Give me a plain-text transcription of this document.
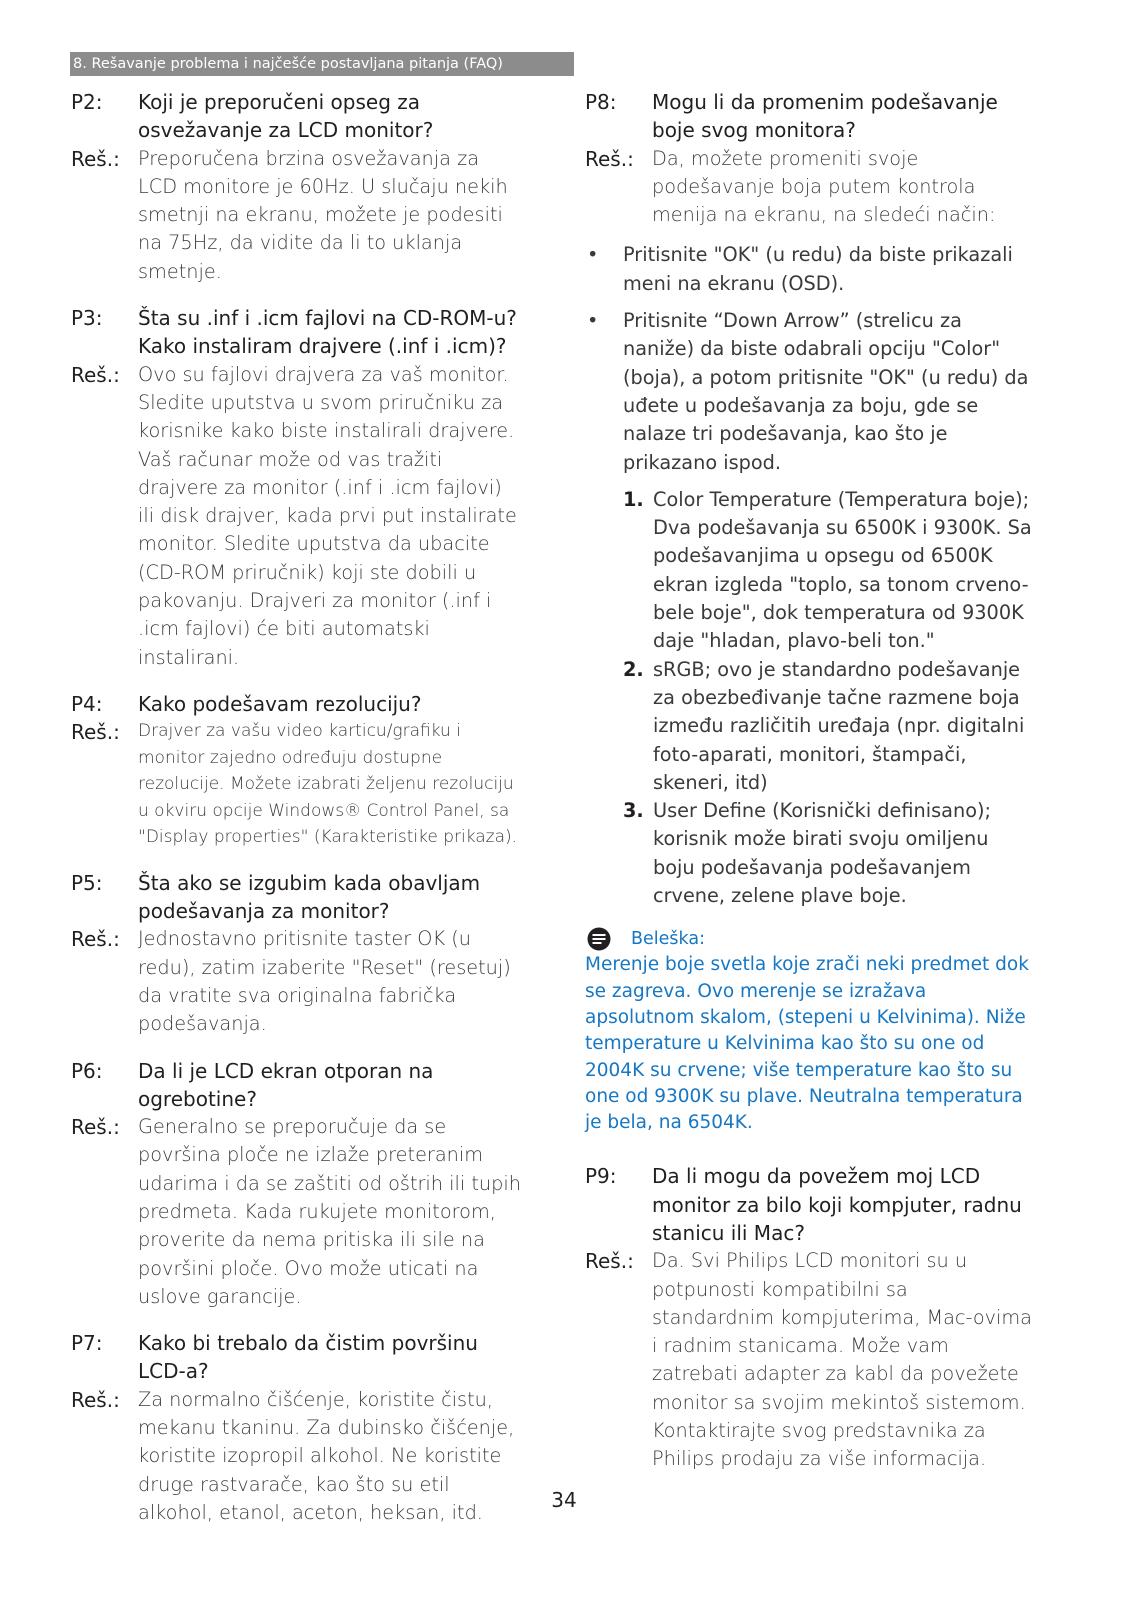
8. Rešavanje problema i najčešće postavljana pitanja (FAQ)
P2:	Koji je preporučeni opseg za osvežavanje za LCD monitor?
Reš.: Preporučena brzina osvežavanja za LCD monitore je 60Hz. U slučaju nekih smetnji na ekranu, možete je podesiti na 75Hz, da vidite da li to uklanja smetnje.
P3:	Šta su .inf i .icm fajlovi na CD-ROM-u? Kako instaliram drajvere (.inf i .icm)?
Reš.: Ovo su fajlovi drajvera za vaš monitor. Sledite uputstva u svom priručniku za korisnike kako biste instalirali drajvere. Vaš računar može od vas tražiti drajvere za monitor (.inf i .icm fajlovi) ili disk drajver, kada prvi put instalirate monitor. Sledite uputstva da ubacite (CD-ROM priručnik) koji ste dobili u pakovanju. Drajveri za monitor (.inf i .icm fajlovi) će biti automatski instalirani.
P4:	Kako podešavam rezoluciju?
Reš.:	Drajver za vašu video karticu/grafiku i monitor zajedno određuju dostupne rezolucije. Možete izabrati željenu rezoluciju u okviru opcije Windows® Control Panel, sa "Display properties" (Karakteristike prikaza).
P5:	Šta ako se izgubim kada obavljam podešavanja za monitor?
Reš.: Jednostavno pritisnite taster OK (u redu), zatim izaberite "Reset" (resetuj) da vratite sva originalna fabrička podešavanja.
P6:	Da li je LCD ekran otporan na ogrebotine?
Reš.: Generalno se preporučuje da se površina ploče ne izlaže preteranim udarima i da se zaštiti od oštrih ili tupih predmeta. Kada rukujete monitorom, proverite da nema pritiska ili sile na površini ploče. Ovo može uticati na uslove garancije.
P7:	Kako bi trebalo da čistim površinu LCD-a?
Reš.: Za normalno čišćenje, koristite čistu, mekanu tkaninu. Za dubinsko čišćenje, koristite izopropil alkohol. Ne koristite druge rastvarače, kao što su etil alkohol, etanol, aceton, heksan, itd.
P8:	Mogu li da promenim podešavanje boje svog monitora?
Reš.: Da, možete promeniti svoje podešavanje boja putem kontrola menija na ekranu, na sledeći način:
•	Pritisnite "OK" (u redu) da biste prikazali meni na ekranu (OSD).
•	Pritisnite “Down Arrow” (strelicu za naniže) da biste odabrali opciju "Color" (boja), a potom pritisnite "OK" (u redu) da uđete u podešavanja za boju, gde se nalaze tri podešavanja, kao što je prikazano ispod.
1. Color Temperature (Temperatura boje); Dva podešavanja su 6500K i 9300K. Sa podešavanjima u opsegu od 6500K ekran izgleda "toplo, sa tonom crveno-bele boje", dok temperatura od 9300K daje "hladan, plavo-beli ton."
2. sRGB; ovo je standardno podešavanje za obezbeđivanje tačne razmene boja između različitih uređaja (npr. digitalni foto-aparati, monitori, štampači, skeneri, itd)
3. User Define (Korisnički definisano); korisnik može birati svoju omiljenu boju podešavanja podešavanjem crvene, zelene plave boje.
Beleška:
Merenje boje svetla koje zrači neki predmet dok se zagreva. Ovo merenje se izražava apsolutnom skalom, (stepeni u Kelvinima). Niže temperature u Kelvinima kao što su one od 2004K su crvene; više temperature kao što su one od 9300K su plave. Neutralna temperatura je bela, na 6504K.
P9:	Da li mogu da povežem moj LCD monitor za bilo koji kompjuter, radnu stanicu ili Mac?
Reš.: Da. Svi Philips LCD monitori su u potpunosti kompatibilni sa standardnim kompjuterima, Mac-ovima i radnim stanicama. Može vam zatrebati adapter za kabl da povežete monitor sa svojim mekintoš sistemom. Kontaktirajte svog predstavnika za Philips prodaju za više informacija.
34
